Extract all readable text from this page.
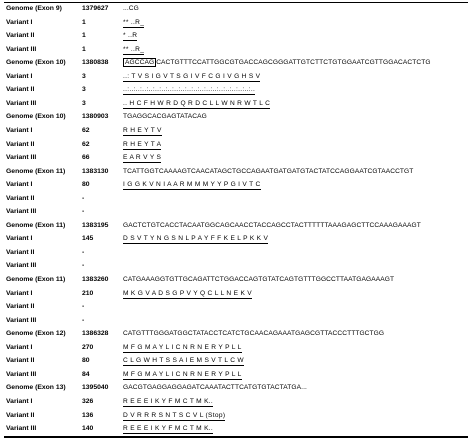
Genome (Exon 9)	1379627 ...CG
Variant I	1	** ..R_
Variant II	1	* ..R
Variant III	1	** ..R_
Genome (Exon 10) 1380838	AGCCAG CACTGTTTCCATTGGCGTGACCAGCGGGATTGTCTTCTGTGGAATCGTTGGACACTCTG
Variant I	3	..: T V S I G V T S G I V F C G I V G H S V
Variant II	3	..:..:..:..:..:..:..:..:..:..:..:..:..:..:..:..:..:..:..:..:..
Variant III	3	.. H C F H W R D Q R D C L L W N R W T L C
Genome (Exon 10) 1380903 TGAGGCACGAGTATACAG
Variant I	62	R H E Y T V
Variant II	62	R H E Y T A
Variant III	66	E A R V Y S
Genome (Exon 11) 1383130 TCATTGGTCAAAAGTCAACATAGCTGCCAGAATGATGATGTACTATCCAGGAATCGTAACCTGT
Variant I	80	I G G K V N I A A R M M M Y Y P G I V T C
Variant II	-
Variant III	-
Genome (Exon 11) 1383195 GACTCTGTCACCTACAATGGCAGCAACCTACCAGCCTACTTTTTTAAAGAGCTTCCAAAGAAAGT
Variant I	145	D S V T Y N G S N L P A Y F F K E L P K K V
Variant II	-
Variant III	-
Genome (Exon 11) 1383260 CATGAAAGGTGTTGCAGATTCTGGACCAGTGTATCAGTGTTTGGCCTTAATGAGAAAGT
Variant I	210	M K G V A D S G P V Y Q C L L N E K V
Variant II	-
Variant III	-
Genome (Exon 12) 1386328 CATGTTTGGGATGGCTATACCTCATCTGCAACAGAAATGAGCGTTACCCTTTGCTGG
Variant I	270	M F G M A Y L I C N R N E R Y P L L
Variant II	80	C L G W H T S S A I E M S V T L C W
Variant III	84	M F G M A Y L I C N R N E R Y P L L
Genome (Exon 13) 1395040 GACGTGAGGAGGAGATCAAATACTTCATGTGTACTATGA...
Variant I	326	R E E E I K Y F M C T M K..
Variant II	136	D V R R R S N T S C V L (Stop)
Variant III	140	R E E E I K Y F M C T M K..
